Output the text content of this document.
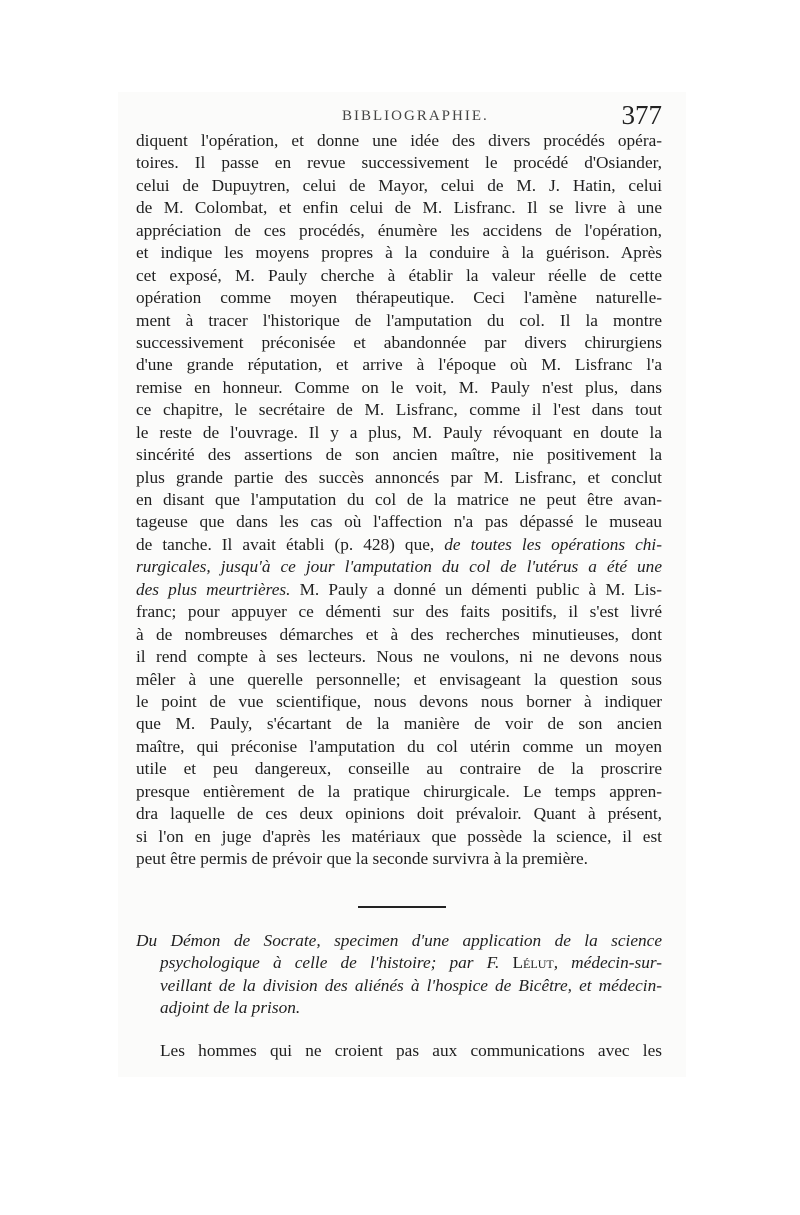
BIBLIOGRAPHIE.	377
diquent l'opération, et donne une idée des divers procédés opéra-
toires. Il passe en revue successivement le procédé d'Osiander,
celui de Dupuytren, celui de Mayor, celui de M. J. Hatin, celui
de M. Colombat, et enfin celui de M. Lisfranc. Il se livre à une
appréciation de ces procédés, énumère les accidens de l'opération,
et indique les moyens propres à la conduire à la guérison. Après
cet exposé, M. Pauly cherche à établir la valeur réelle de cette
opération comme moyen thérapeutique. Ceci l'amène naturelle-
ment à tracer l'historique de l'amputation du col. Il la montre
successivement préconisée et abandonnée par divers chirurgiens
d'une grande réputation, et arrive à l'époque où M. Lisfranc l'a
remise en honneur. Comme on le voit, M. Pauly n'est plus, dans
ce chapitre, le secrétaire de M. Lisfranc, comme il l'est dans tout
le reste de l'ouvrage. Il y a plus, M. Pauly révoquant en doute la
sincérité des assertions de son ancien maître, nie positivement la
plus grande partie des succès annoncés par M. Lisfranc, et conclut
en disant que l'amputation du col de la matrice ne peut être avan-
tageuse que dans les cas où l'affection n'a pas dépassé le museau
de tanche. Il avait établi (p. 428) que, de toutes les opérations chi-
rurgicales, jusqu'à ce jour l'amputation du col de l'utérus a été une
des plus meurtrières. M. Pauly a donné un démenti public à M. Lis-
franc; pour appuyer ce démenti sur des faits positifs, il s'est livré
à de nombreuses démarches et à des recherches minutieuses, dont
il rend compte à ses lecteurs. Nous ne voulons, ni ne devons nous
mêler à une querelle personnelle; et envisageant la question sous
le point de vue scientifique, nous devons nous borner à indiquer
que M. Pauly, s'écartant de la manière de voir de son ancien
maître, qui préconise l'amputation du col utérin comme un moyen
utile et peu dangereux, conseille au contraire de la proscrire
presque entièrement de la pratique chirurgicale. Le temps appren-
dra laquelle de ces deux opinions doit prévaloir. Quant à présent,
si l'on en juge d'après les matériaux que possède la science, il est
peut être permis de prévoir que la seconde survivra à la première.
Du Démon de Socrate, specimen d'une application de la science
psychologique à celle de l'histoire; par F. Lélut, médecin-sur-
veillant de la division des aliénés à l'hospice de Bicêtre, et médecin-
adjoint de la prison.
Les hommes qui ne croient pas aux communications avec les
